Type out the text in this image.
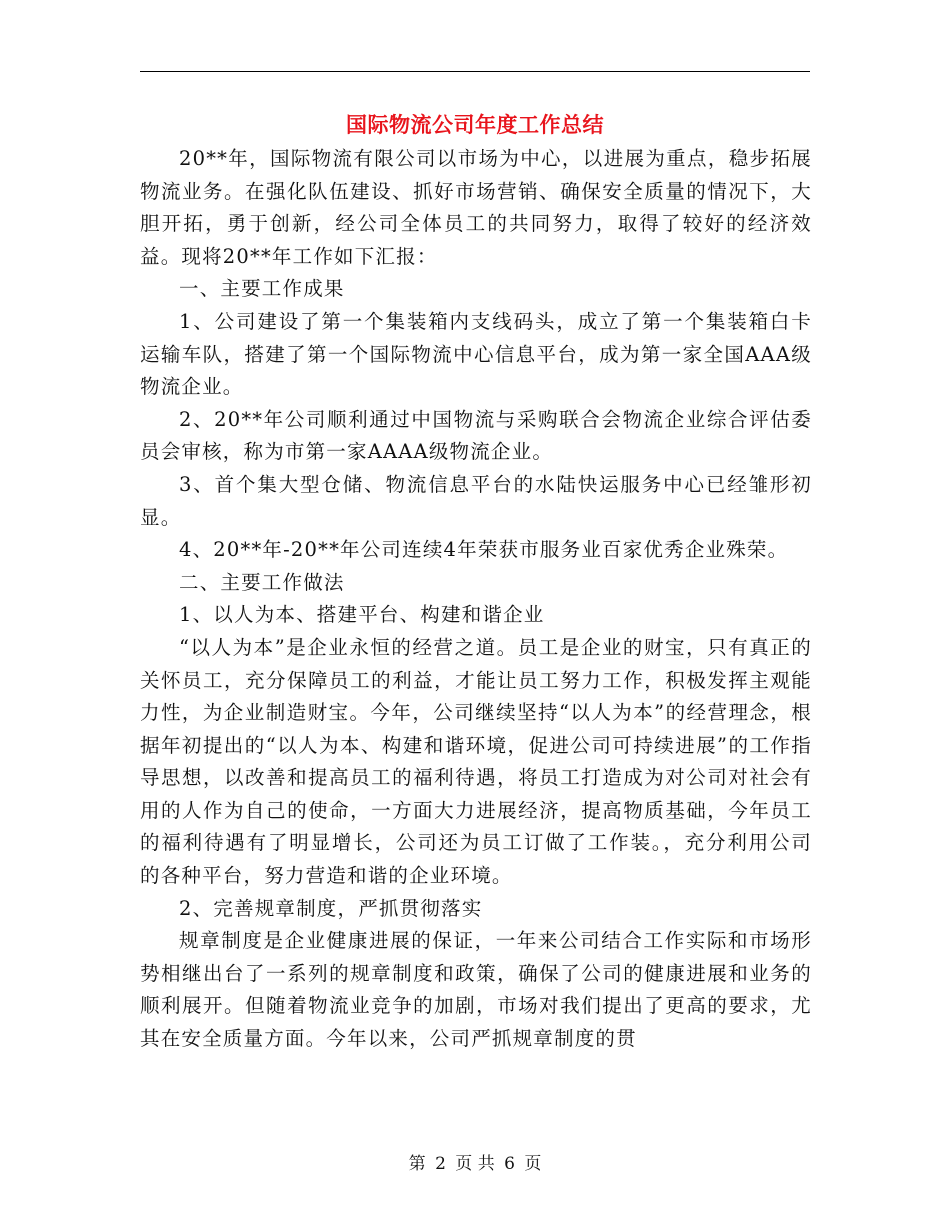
国际物流公司年度工作总结

20**年，国际物流有限公司以市场为中心，以进展为重点，稳步拓展物流业务。在强化队伍建设、抓好市场营销、确保安全质量的情况下，大胆开拓，勇于创新，经公司全体员工的共同努力，取得了较好的经济效益。现将20**年工作如下汇报：

一、主要工作成果

1、公司建设了第一个集装箱内支线码头，成立了第一个集装箱白卡运输车队，搭建了第一个国际物流中心信息平台，成为第一家全国AAA级物流企业。

2、20**年公司顺利通过中国物流与采购联合会物流企业综合评估委员会审核，称为市第一家AAAA级物流企业。

3、首个集大型仓储、物流信息平台的水陆快运服务中心已经雏形初显。

4、20**年-20**年公司连续4年荣获市服务业百家优秀企业殊荣。

二、主要工作做法

1、以人为本、搭建平台、构建和谐企业

“以人为本”是企业永恒的经营之道。员工是企业的财宝，只有真正的关怀员工，充分保障员工的利益，才能让员工努力工作，积极发挥主观能力性，为企业制造财宝。今年，公司继续坚持“以人为本”的经营理念，根据年初提出的“以人为本、构建和谐环境，促进公司可持续进展”的工作指导思想，以改善和提高员工的福利待遇，将员工打造成为对公司对社会有用的人作为自己的使命，一方面大力进展经济，提高物质基础，今年员工的福利待遇有了明显增长，公司还为员工订做了工作装。，充分利用公司的各种平台，努力营造和谐的企业环境。

2、完善规章制度，严抓贯彻落实

规章制度是企业健康进展的保证，一年来公司结合工作实际和市场形势相继出台了一系列的规章制度和政策，确保了公司的健康进展和业务的顺利展开。但随着物流业竞争的加剧，市场对我们提出了更高的要求，尤其在安全质量方面。今年以来，公司严抓规章制度的贯

第 2 页 共 6 页
